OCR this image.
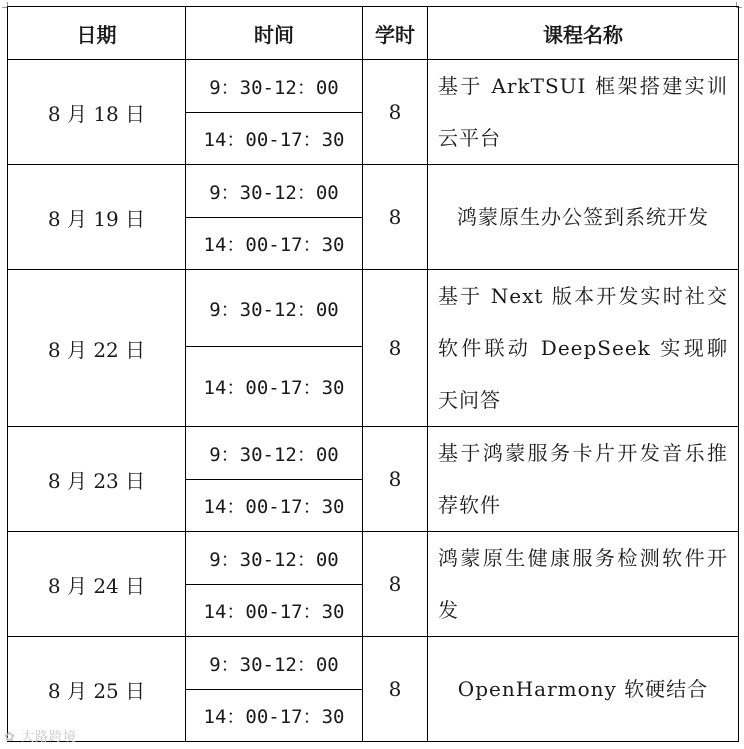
日期	时间	学时	课程名称
8 月 18 日	9：30-12：00	8	基于 ArkTSUI 框架搭建实训云平台
	14：00-17：30		
8 月 19 日	9：30-12：00	8	鸿蒙原生办公签到系统开发
	14：00-17：30		
8 月 22 日	9：30-12：00	8	基于 Next 版本开发实时社交软件联动 DeepSeek 实现聊天问答
	14：00-17：30		
8 月 23 日	9：30-12：00	8	基于鸿蒙服务卡片开发音乐推荐软件
	14：00-17：30		
8 月 24 日	9：30-12：00	8	鸿蒙原生健康服务检测软件开发
	14：00-17：30		
8 月 25 日	9：30-12：00	8	OpenHarmony 软硬结合
	14：00-17：30		
✿ 大路跨境
